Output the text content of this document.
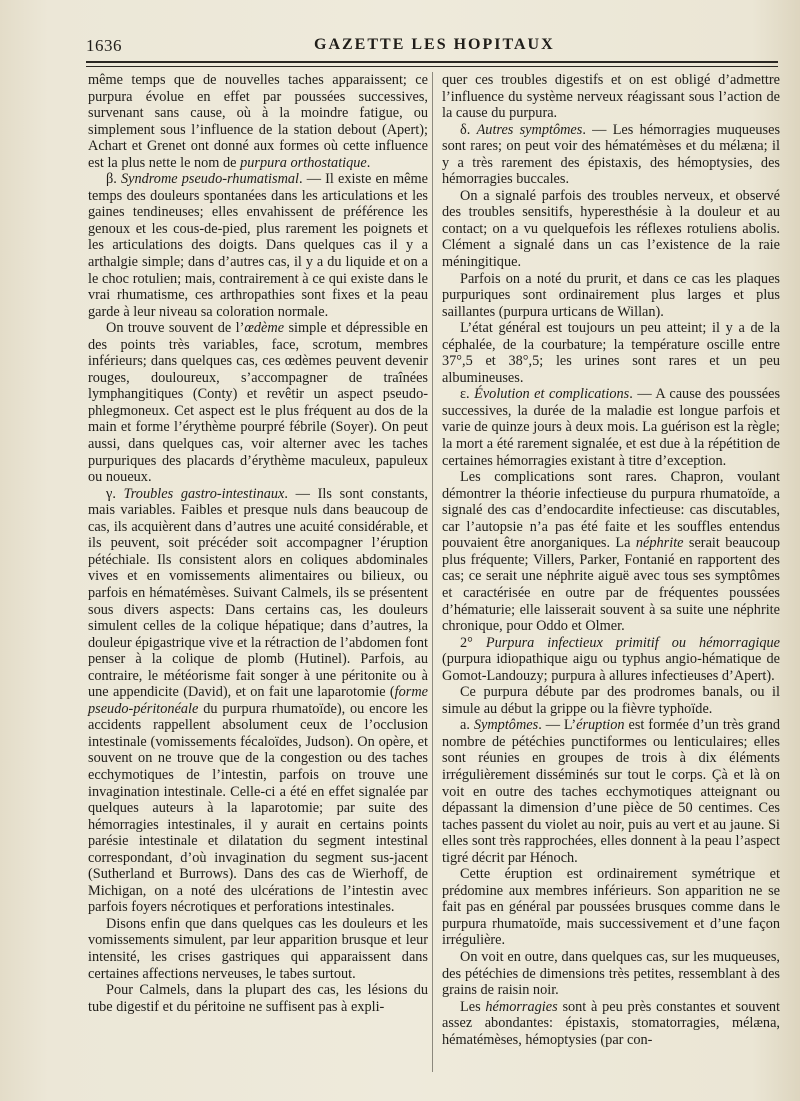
1636	GAZETTE LES HOPITAUX

même temps que de nouvelles taches apparaissent; ce purpura évolue en effet par poussées successives, survenant sans cause, où à la moindre fatigue, ou simplement sous l’influence de la station debout (Apert); Achart et Grenet ont donné aux formes où cette influence est la plus nette le nom de purpura orthostatique.

β. Syndrome pseudo-rhumatismal. — Il existe en même temps des douleurs spontanées dans les articulations et les gaines tendineuses; elles envahissent de préférence les genoux et les cous-de-pied, plus rarement les poignets et les articulations des doigts. Dans quelques cas il y a arthalgie simple; dans d’autres cas, il y a du liquide et on a le choc rotulien; mais, contrairement à ce qui existe dans le vrai rhumatisme, ces arthropathies sont fixes et la peau garde à leur niveau sa coloration normale.

On trouve souvent de l’œdème simple et dépressible en des points très variables, face, scrotum, membres inférieurs; dans quelques cas, ces œdèmes peuvent devenir rouges, douloureux, s’accompagner de traînées lymphangitiques (Conty) et revêtir un aspect pseudo-phlegmoneux. Cet aspect est le plus fréquent au dos de la main et forme l’érythème pourpré fébrile (Soyer). On peut aussi, dans quelques cas, voir alterner avec les taches purpuriques des placards d’érythème maculeux, papuleux ou noueux.

γ. Troubles gastro-intestinaux. — Ils sont constants, mais variables. Faibles et presque nuls dans beaucoup de cas, ils acquièrent dans d’autres une acuité considérable, et ils peuvent, soit précéder soit accompagner l’éruption pétéchiale. Ils consistent alors en coliques abdominales vives et en vomissements alimentaires ou bilieux, ou parfois en hématémèses. Suivant Calmels, ils se présentent sous divers aspects: Dans certains cas, les douleurs simulent celles de la colique hépatique; dans d’autres, la douleur épigastrique vive et la rétraction de l’abdomen font penser à la colique de plomb (Hutinel). Parfois, au contraire, le météorisme fait songer à une péritonite ou à une appendicite (David), et on fait une laparotomie (forme pseudo-péritonéale du purpura rhumatoïde), ou encore les accidents rappellent absolument ceux de l’occlusion intestinale (vomissements fécaloïdes, Judson). On opère, et souvent on ne trouve que de la congestion ou des taches ecchymotiques de l’intestin, parfois on trouve une invagination intestinale. Celle-ci a été en effet signalée par quelques auteurs à la laparotomie; par suite des hémorragies intestinales, il y aurait en certains points parésie intestinale et dilatation du segment intestinal correspondant, d’où invagination du segment sus-jacent (Sutherland et Burrows). Dans des cas de Wierhoff, de Michigan, on a noté des ulcérations de l’intestin avec parfois foyers nécrotiques et perforations intestinales.

Disons enfin que dans quelques cas les douleurs et les vomissements simulent, par leur apparition brusque et leur intensité, les crises gastriques qui apparaissent dans certaines affections nerveuses, le tabes surtout.

Pour Calmels, dans la plupart des cas, les lésions du tube digestif et du péritoine ne suffisent pas à expli-

quer ces troubles digestifs et on est obligé d’admettre l’influence du système nerveux réagissant sous l’action de la cause du purpura.

δ. Autres symptômes. — Les hémorragies muqueuses sont rares; on peut voir des hématémèses et du mélæna; il y a très rarement des épistaxis, des hémoptysies, des hémorragies buccales.

On a signalé parfois des troubles nerveux, et observé des troubles sensitifs, hyperesthésie à la douleur et au contact; on a vu quelquefois les réflexes rotuliens abolis. Clément a signalé dans un cas l’existence de la raie méningitique.

Parfois on a noté du prurit, et dans ce cas les plaques purpuriques sont ordinairement plus larges et plus saillantes (purpura urticans de Willan).

L’état général est toujours un peu atteint; il y a de la céphalée, de la courbature; la température oscille entre 37°,5 et 38°,5; les urines sont rares et un peu albumineuses.

ε. Évolution et complications. — A cause des poussées successives, la durée de la maladie est longue parfois et varie de quinze jours à deux mois. La guérison est la règle; la mort a été rarement signalée, et est due à la répétition de certaines hémorragies existant à titre d’exception.

Les complications sont rares. Chapron, voulant démontrer la théorie infectieuse du purpura rhumatoïde, a signalé des cas d’endocardite infectieuse: cas discutables, car l’autopsie n’a pas été faite et les souffles entendus pouvaient être anorganiques. La néphrite serait beaucoup plus fréquente; Villers, Parker, Fontanié en rapportent des cas; ce serait une néphrite aiguë avec tous ses symptômes et caractérisée en outre par de fréquentes poussées d’hématurie; elle laisserait souvent à sa suite une néphrite chronique, pour Oddo et Olmer.

2° Purpura infectieux primitif ou hémorragique (purpura idiopathique aigu ou typhus angio-hématique de Gomot-Landouzy; purpura à allures infectieuses d’Apert).

Ce purpura débute par des prodromes banals, ou il simule au début la grippe ou la fièvre typhoïde.

a. Symptômes. — L’éruption est formée d’un très grand nombre de pétéchies punctiformes ou lenticulaires; elles sont réunies en groupes de trois à dix éléments irrégulièrement disséminés sur tout le corps. Çà et là on voit en outre des taches ecchymotiques atteignant ou dépassant la dimension d’une pièce de 50 centimes. Ces taches passent du violet au noir, puis au vert et au jaune. Si elles sont très rapprochées, elles donnent à la peau l’aspect tigré décrit par Hénoch.

Cette éruption est ordinairement symétrique et prédomine aux membres inférieurs. Son apparition ne se fait pas en général par poussées brusques comme dans le purpura rhumatoïde, mais successivement et d’une façon irrégulière.

On voit en outre, dans quelques cas, sur les muqueuses, des pétéchies de dimensions très petites, ressemblant à des grains de raisin noir.

Les hémorragies sont à peu près constantes et souvent assez abondantes: épistaxis, stomatorragies, mélæna, hématémèses, hémoptysies (par con-
